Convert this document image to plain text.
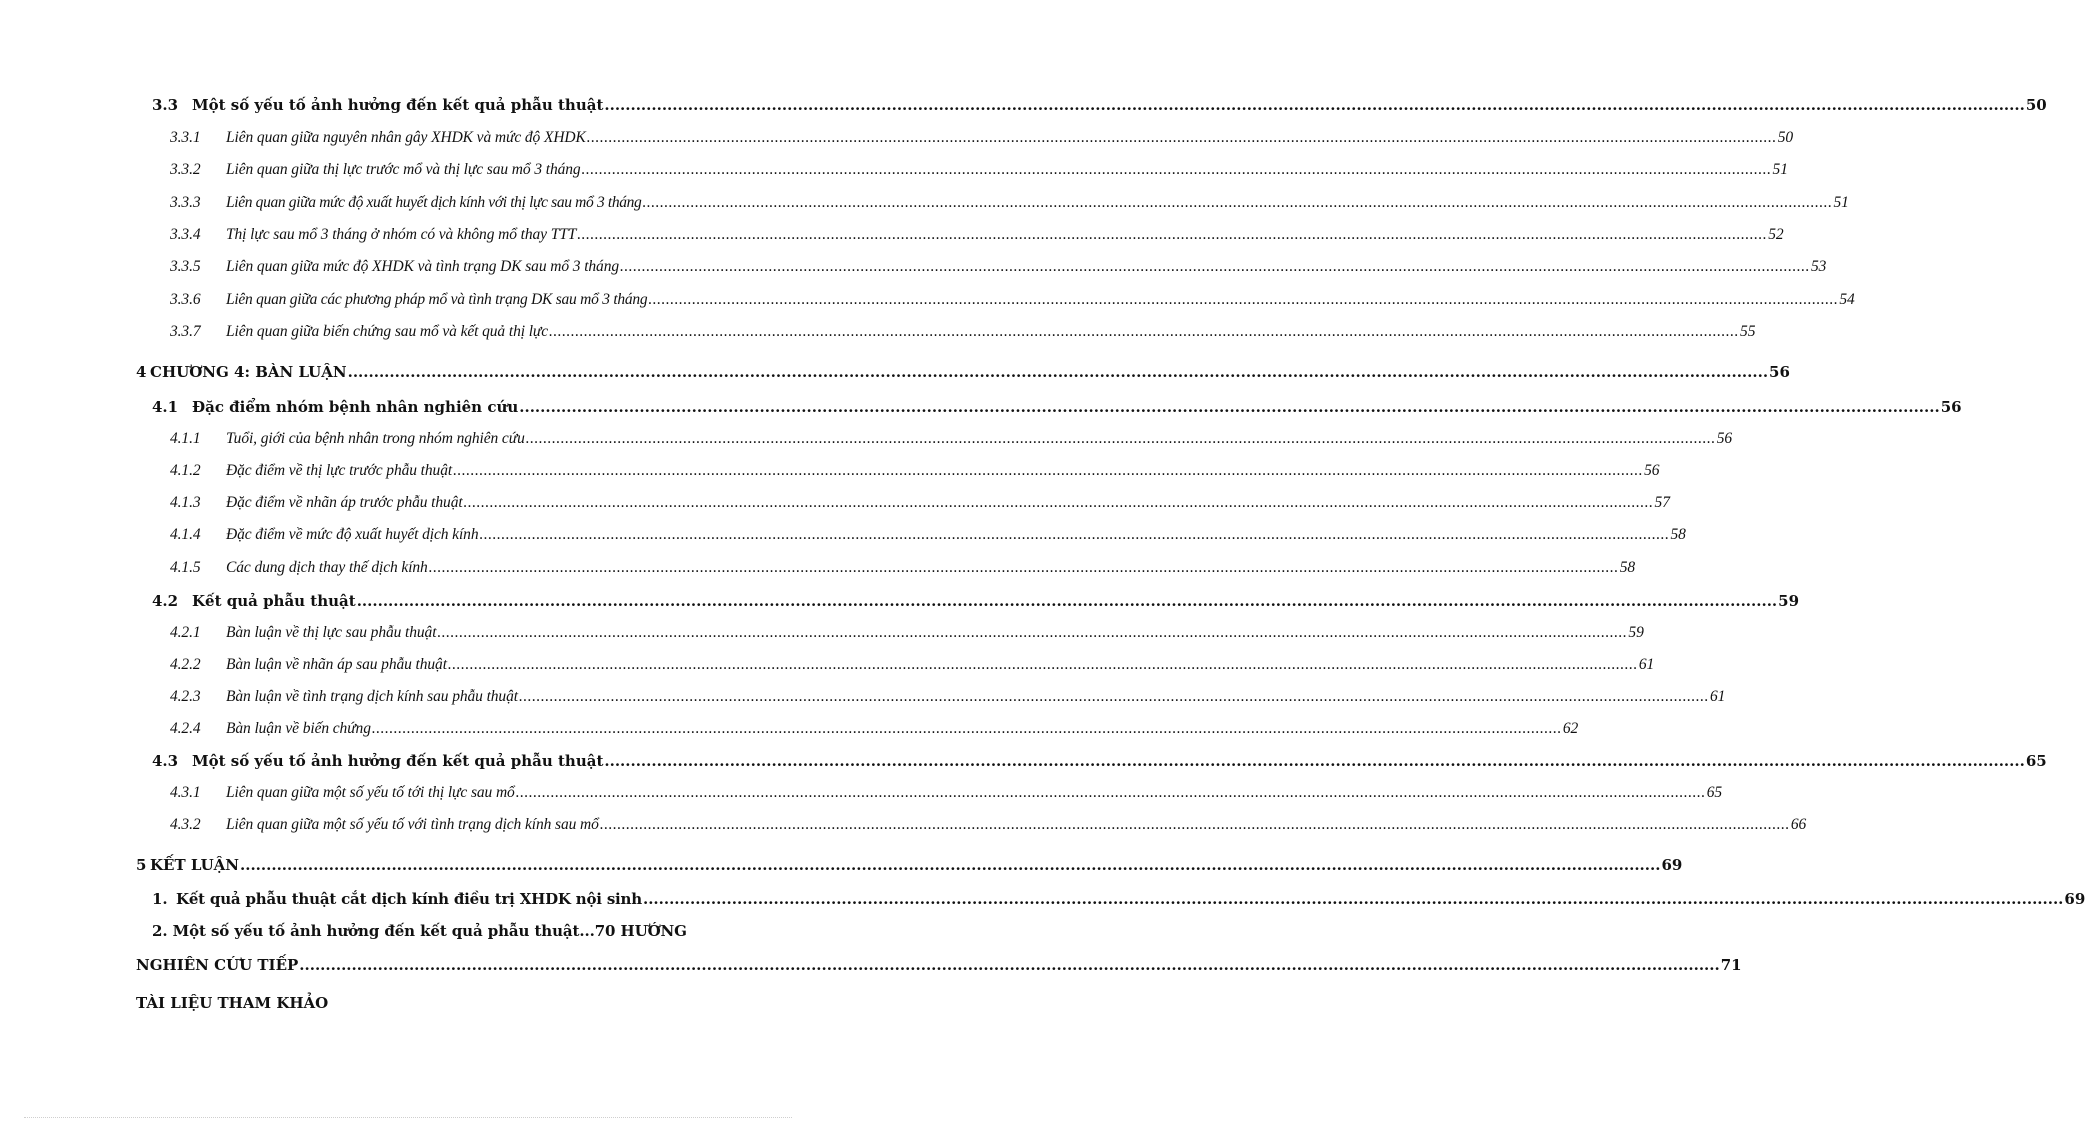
3.3 Một số yếu tố ảnh hưởng đến kết quả phẫu thuật .....	50
3.3.1	Liên quan giữa nguyên nhân gây XHDK và mức độ XHDK .....	50
3.3.2	Liên quan giữa thị lực trước mổ và thị lực sau mổ 3 tháng .....	51
3.3.3	Liên quan giữa mức độ xuất huyết dịch kính với thị lực sau mổ 3 tháng .....	51
3.3.4	Thị lực sau mổ 3 tháng ở nhóm có và không mổ thay TTT .....	52
3.3.5	Liên quan giữa mức độ XHDK và tình trạng DK sau mổ 3 tháng .....	53
3.3.6	Liên quan giữa các phương pháp mổ và tình trạng DK sau mổ 3 tháng .....	54
3.3.7	Liên quan giữa biến chứng sau mổ và kết quả thị lực .....	55
4 CHƯƠNG 4: BÀN LUẬN .....	56
4.1 Đặc điểm nhóm bệnh nhân nghiên cứu .....	56
4.1.1	Tuổi, giới của bệnh nhân trong nhóm nghiên cứu .....	56
4.1.2	Đặc điểm về thị lực trước phẫu thuật .....	56
4.1.3	Đặc điểm về nhãn áp trước phẫu thuật .....	57
4.1.4	Đặc điểm về mức độ xuất huyết dịch kính .....	58
4.1.5	Các dung dịch thay thế dịch kính .....	58
4.2 Kết quả phẫu thuật .....	59
4.2.1	Bàn luận về thị lực sau phẫu thuật .....	59
4.2.2	Bàn luận về nhãn áp sau phẫu thuật .....	61
4.2.3	Bàn luận về tình trạng dịch kính sau phẫu thuật .....	61
4.2.4	Bàn luận về biến chứng .....	62
4.3 Một số yếu tố ảnh hưởng đến kết quả phẫu thuật .....	65
4.3.1	Liên quan giữa một số yếu tố tới thị lực sau mổ .....	65
4.3.2	Liên quan giữa một số yếu tố với tình trạng dịch kính sau mổ .....	66
5 KẾT LUẬN .....	69
1. Kết quả phẫu thuật cắt dịch kính điều trị XHDK nội sinh .....	69
2. Một số yếu tố ảnh hưởng đến kết quả phẫu thuật...70 HƯỚNG
NGHIÊN CỨU TIẾP .....	71
TÀI LIỆU THAM KHẢO
